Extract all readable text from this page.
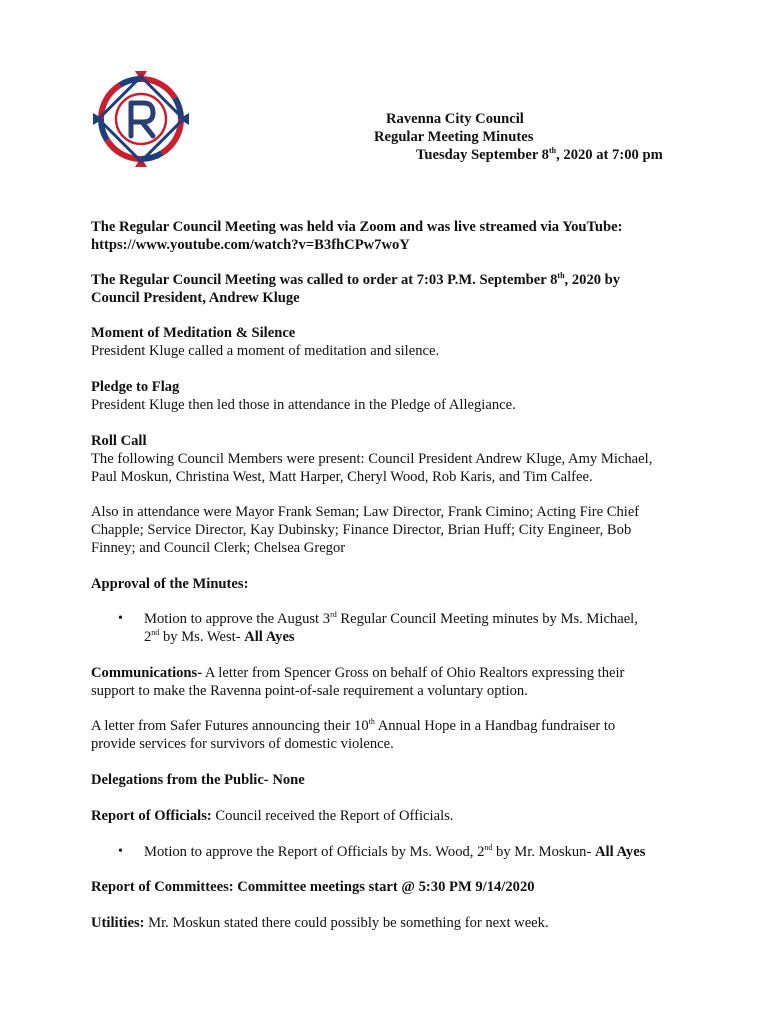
Ravenna City Council
Regular Meeting Minutes
Tuesday September 8th, 2020 at 7:00 pm
The Regular Council Meeting was held via Zoom and was live streamed via YouTube:
https://www.youtube.com/watch?v=B3fhCPw7woY
The Regular Council Meeting was called to order at 7:03 P.M. September 8th, 2020 by
Council President, Andrew Kluge
Moment of Meditation & Silence
President Kluge called a moment of meditation and silence.
Pledge to Flag
President Kluge then led those in attendance in the Pledge of Allegiance.
Roll Call
The following Council Members were present: Council President Andrew Kluge, Amy Michael,
Paul Moskun, Christina West, Matt Harper, Cheryl Wood, Rob Karis, and Tim Calfee.
Also in attendance were Mayor Frank Seman; Law Director, Frank Cimino; Acting Fire Chief
Chapple; Service Director, Kay Dubinsky; Finance Director, Brian Huff; City Engineer, Bob
Finney; and Council Clerk; Chelsea Gregor
Approval of the Minutes:
• Motion to approve the August 3rd Regular Council Meeting minutes by Ms. Michael,
2nd by Ms. West- All Ayes
Communications- A letter from Spencer Gross on behalf of Ohio Realtors expressing their
support to make the Ravenna point-of-sale requirement a voluntary option.
A letter from Safer Futures announcing their 10th Annual Hope in a Handbag fundraiser to
provide services for survivors of domestic violence.
Delegations from the Public- None
Report of Officials: Council received the Report of Officials.
• Motion to approve the Report of Officials by Ms. Wood, 2nd by Mr. Moskun- All Ayes
Report of Committees: Committee meetings start @ 5:30 PM 9/14/2020
Utilities: Mr. Moskun stated there could possibly be something for next week.
